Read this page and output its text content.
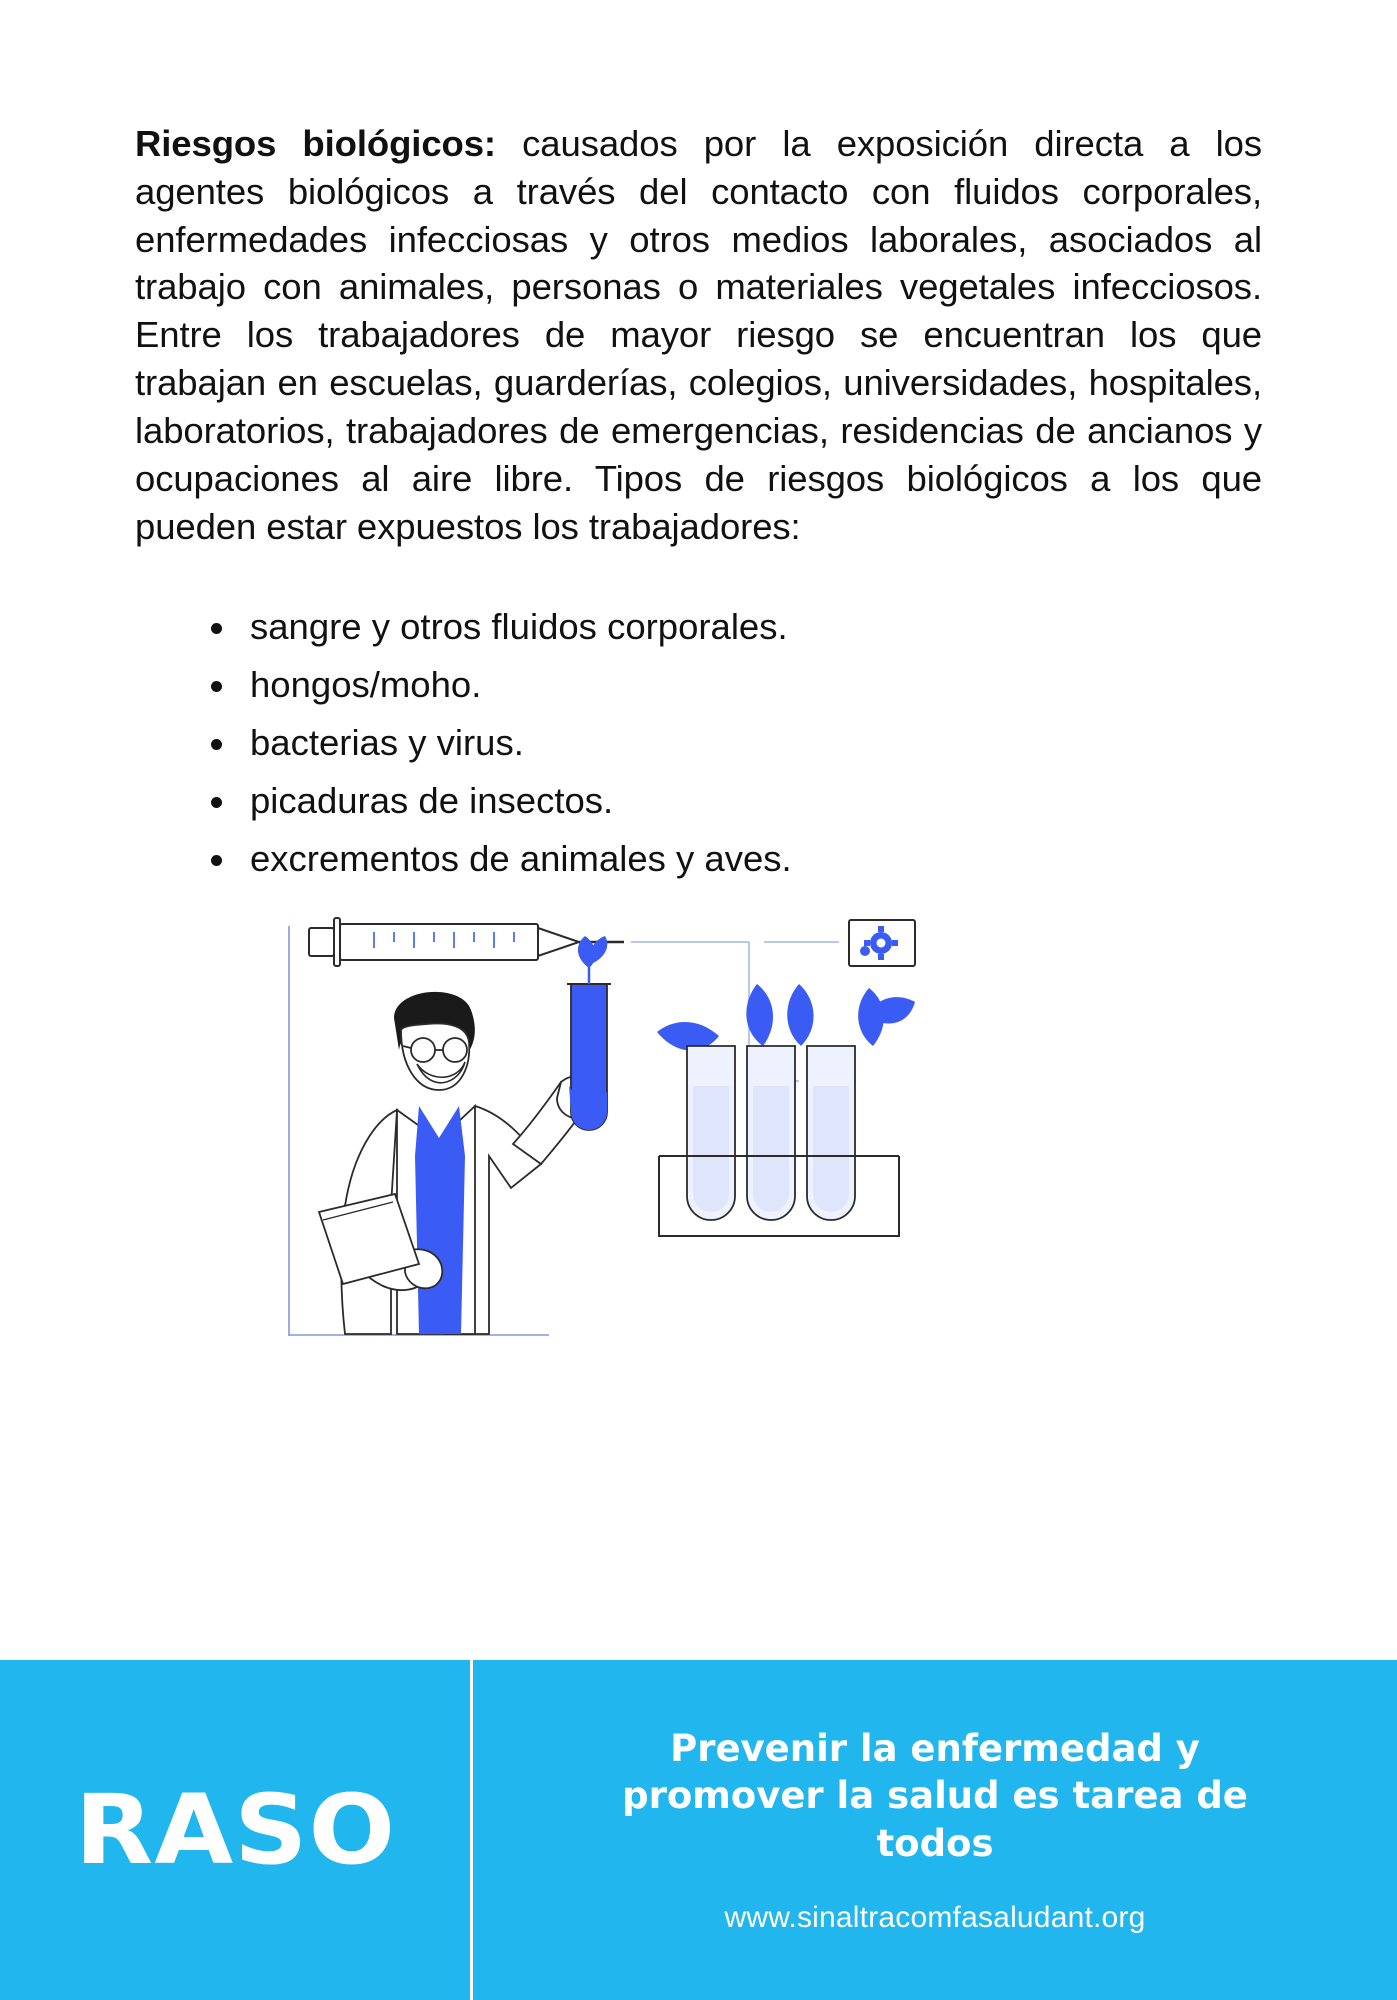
Riesgos biológicos: causados por la exposición directa a los agentes biológicos a través del contacto con fluidos corporales, enfermedades infecciosas y otros medios laborales, asociados al trabajo con animales, personas o materiales vegetales infecciosos. Entre los trabajadores de mayor riesgo se encuentran los que trabajan en escuelas, guarderías, colegios, universidades, hospitales, laboratorios, trabajadores de emergencias, residencias de ancianos y ocupaciones al aire libre. Tipos de riesgos biológicos a los que pueden estar expuestos los trabajadores:

sangre y otros fluidos corporales.
hongos/moho.
bacterias y virus.
picaduras de insectos.
excrementos de animales y aves.
RASO
Prevenir la enfermedad y promover la salud es tarea de todos
www.sinaltracomfasaludant.org
